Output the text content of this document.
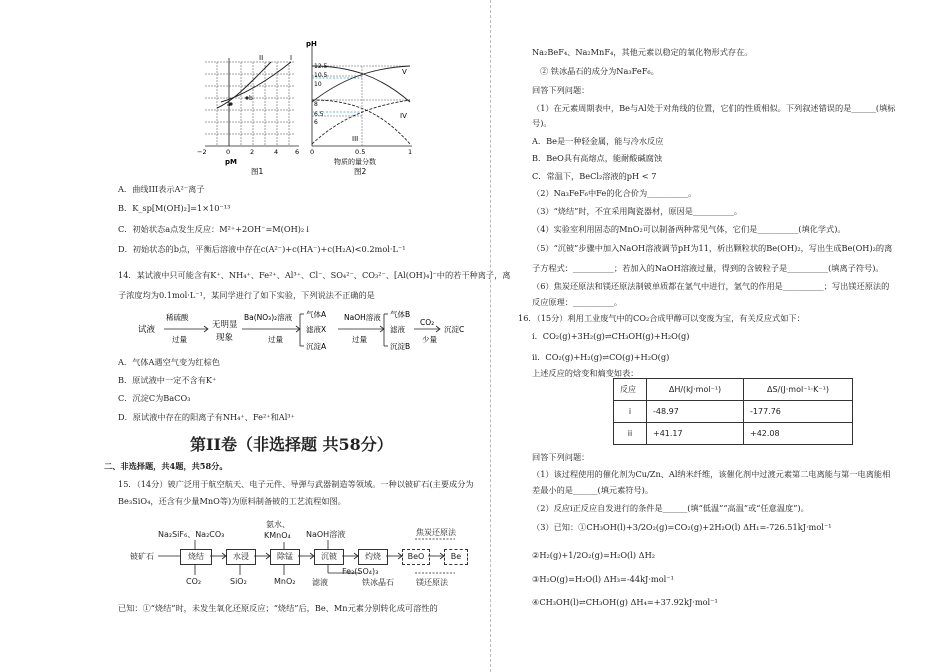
a
b
II	I
−2	0	2	4	6
pM
图1
pH
12.5
10.5
10
8
6.5
6
V
IV
III
0	0.5	1
物质的量分数
图2
A．曲线III表示A²⁻离子
B．K_sp[M(OH)₂]=1×10⁻¹³
C．初始状态a点发生反应：M²⁺+2OH⁻=M(OH)₂↓
D．初始状态的b点，平衡后溶液中存在c(A²⁻)+c(HA⁻)+c(H₂A)<0.2mol·L⁻¹
14．某试液中只可能含有K⁺、NH₄⁺、Fe²⁺、Al³⁺、Cl⁻、SO₄²⁻、CO₃²⁻、[Al(OH)₄]⁻中的若干种离子，离
子浓度均为0.1mol·L⁻¹，某同学进行了如下实验，下列说法不正确的是
试液
稀硫酸
过量
无明显
现象
Ba(NO₃)₂溶液
过量
气体A
滤液X
沉淀A
NaOH溶液
过量
气体B
滤液
沉淀B
CO₂
少量
沉淀C
A．气体A遇空气变为红棕色
B．原试液中一定不含有K⁺
C．沉淀C为BaCO₃
D．原试液中存在的阳离子有NH₄⁺、Fe²⁺和Al³⁺
第II卷（非选择题 共58分）
二、非选择题，共4题，共58分。
15．（14分）铍广泛用于航空航天、电子元件、导弹与武器制造等领域。一种以铍矿石(主要成分为
Be₃SiO₄，还含有少量MnO等)为原料制备铍的工艺流程如图。
Na₂SiF₆、Na₂CO₃
氨水、
KMnO₄ NaOH溶液	焦炭还原法
铍矿石	烧结	水浸	除锰	沉铍	灼烧	BeO	Be
CO₂	SiO₂	MnO₂ 滤液
Fe₂(SO₄)₃
铁冰晶石	镁还原法
已知：①“烧结”时，未发生氧化还原反应；“烧结”后，Be、Mn元素分别转化成可溶性的
Na₂BeF₄、Na₂MnF₄，其他元素以稳定的氧化物形式存在。
② 铁冰晶石的成分为Na₃FeF₆。
回答下列问题：
（1）在元素周期表中，Be与Al处于对角线的位置，它们的性质相似。下列叙述错误的是______(填标
号)。
A．Be是一种轻金属，能与冷水反应
B．BeO具有高熔点，能耐酸碱腐蚀
C．常温下，BeCl₂溶液的pH < 7
（2）Na₃FeF₆中Fe的化合价为__________。
（3）“烧结”时，不宜采用陶瓷器材，原因是__________。
（4）实验室利用固态的MnO₂可以制备两种常见气体，它们是__________(填化学式)。
（5）“沉铍”步骤中加入NaOH溶液调节pH为11，析出颗粒状的Be(OH)₂，写出生成Be(OH)₂的离
子方程式：__________；若加入的NaOH溶液过量，得到的含铍粒子是__________(填离子符号)。
（6）焦炭还原法和镁还原法制铍单质都在氩气中进行，氩气的作用是__________；写出镁还原法的
反应原理：__________。
16．（15分）利用工业废气中的CO₂合成甲醇可以变废为宝，有关反应式如下：
i．CO₂(g)+3H₂(g)⇌CH₃OH(g)+H₂O(g)
ii．CO₂(g)+H₂(g)⇌CO(g)+H₂O(g)
上述反应的焓变和熵变如表：
反应	ΔH/(kJ·mol⁻¹)	ΔS/(J·mol⁻¹·K⁻¹)
i	-48.97	-177.76
ii	+41.17	+42.08
回答下列问题：
（1）该过程使用的催化剂为Cu/Zn、Al纳米纤维，该催化剂中过渡元素第二电离能与第一电离能相
差最小的是______(填元素符号)。
（2）反应i正反应自发进行的条件是______(填“低温”“高温”或“任意温度”)。
（3）已知：①CH₃OH(l)+3/2O₂(g)=CO₂(g)+2H₂O(l) ΔH₁=-726.51kJ·mol⁻¹
②H₂(g)+1/2O₂(g)=H₂O(l) ΔH₂
③H₂O(g)=H₂O(l) ΔH₃=-44kJ·mol⁻¹
④CH₃OH(l)⇌CH₃OH(g) ΔH₄=+37.92kJ·mol⁻¹
